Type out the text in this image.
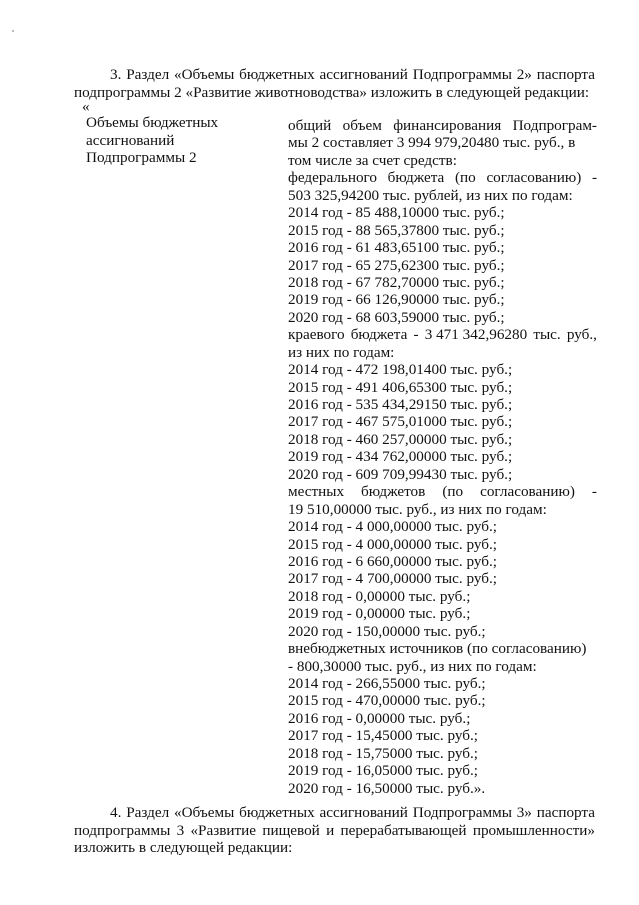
3. Раздел «Объемы бюджетных ассигнований Подпрограммы 2» паспорта подпрограммы 2 «Развитие животноводства» изложить в следующей редакции:
«
Объемы бюджетных
ассигнований
Подпрограммы 2
общий объем финансирования Подпрограм-
мы 2 составляет 3 994 979,20480 тыс. руб., в
том числе за счет средств:
федерального бюджета (по согласованию) -
503 325,94200 тыс. рублей, из них по годам:
2014 год - 85 488,10000 тыс. руб.;
2015 год - 88 565,37800 тыс. руб.;
2016 год - 61 483,65100 тыс. руб.;
2017 год - 65 275,62300 тыс. руб.;
2018 год - 67 782,70000 тыс. руб.;
2019 год - 66 126,90000 тыс. руб.;
2020 год - 68 603,59000 тыс. руб.;
краевого бюджета - 3 471 342,96280 тыс. руб.,
из них по годам:
2014 год - 472 198,01400 тыс. руб.;
2015 год - 491 406,65300 тыс. руб.;
2016 год - 535 434,29150 тыс. руб.;
2017 год - 467 575,01000 тыс. руб.;
2018 год - 460 257,00000 тыс. руб.;
2019 год - 434 762,00000 тыс. руб.;
2020 год - 609 709,99430 тыс. руб.;
местных бюджетов (по согласованию) -
19 510,00000 тыс. руб., из них по годам:
2014 год - 4 000,00000 тыс. руб.;
2015 год - 4 000,00000 тыс. руб.;
2016 год - 6 660,00000 тыс. руб.;
2017 год - 4 700,00000 тыс. руб.;
2018 год - 0,00000 тыс. руб.;
2019 год - 0,00000 тыс. руб.;
2020 год - 150,00000 тыс. руб.;
внебюджетных источников (по согласованию)
- 800,30000 тыс. руб., из них по годам:
2014 год - 266,55000 тыс. руб.;
2015 год - 470,00000 тыс. руб.;
2016 год - 0,00000 тыс. руб.;
2017 год - 15,45000 тыс. руб.;
2018 год - 15,75000 тыс. руб.;
2019 год - 16,05000 тыс. руб.;
2020 год - 16,50000 тыс. руб.».
4. Раздел «Объемы бюджетных ассигнований Подпрограммы 3» паспорта подпрограммы 3 «Развитие пищевой и перерабатывающей промышленности» изложить в следующей редакции:
